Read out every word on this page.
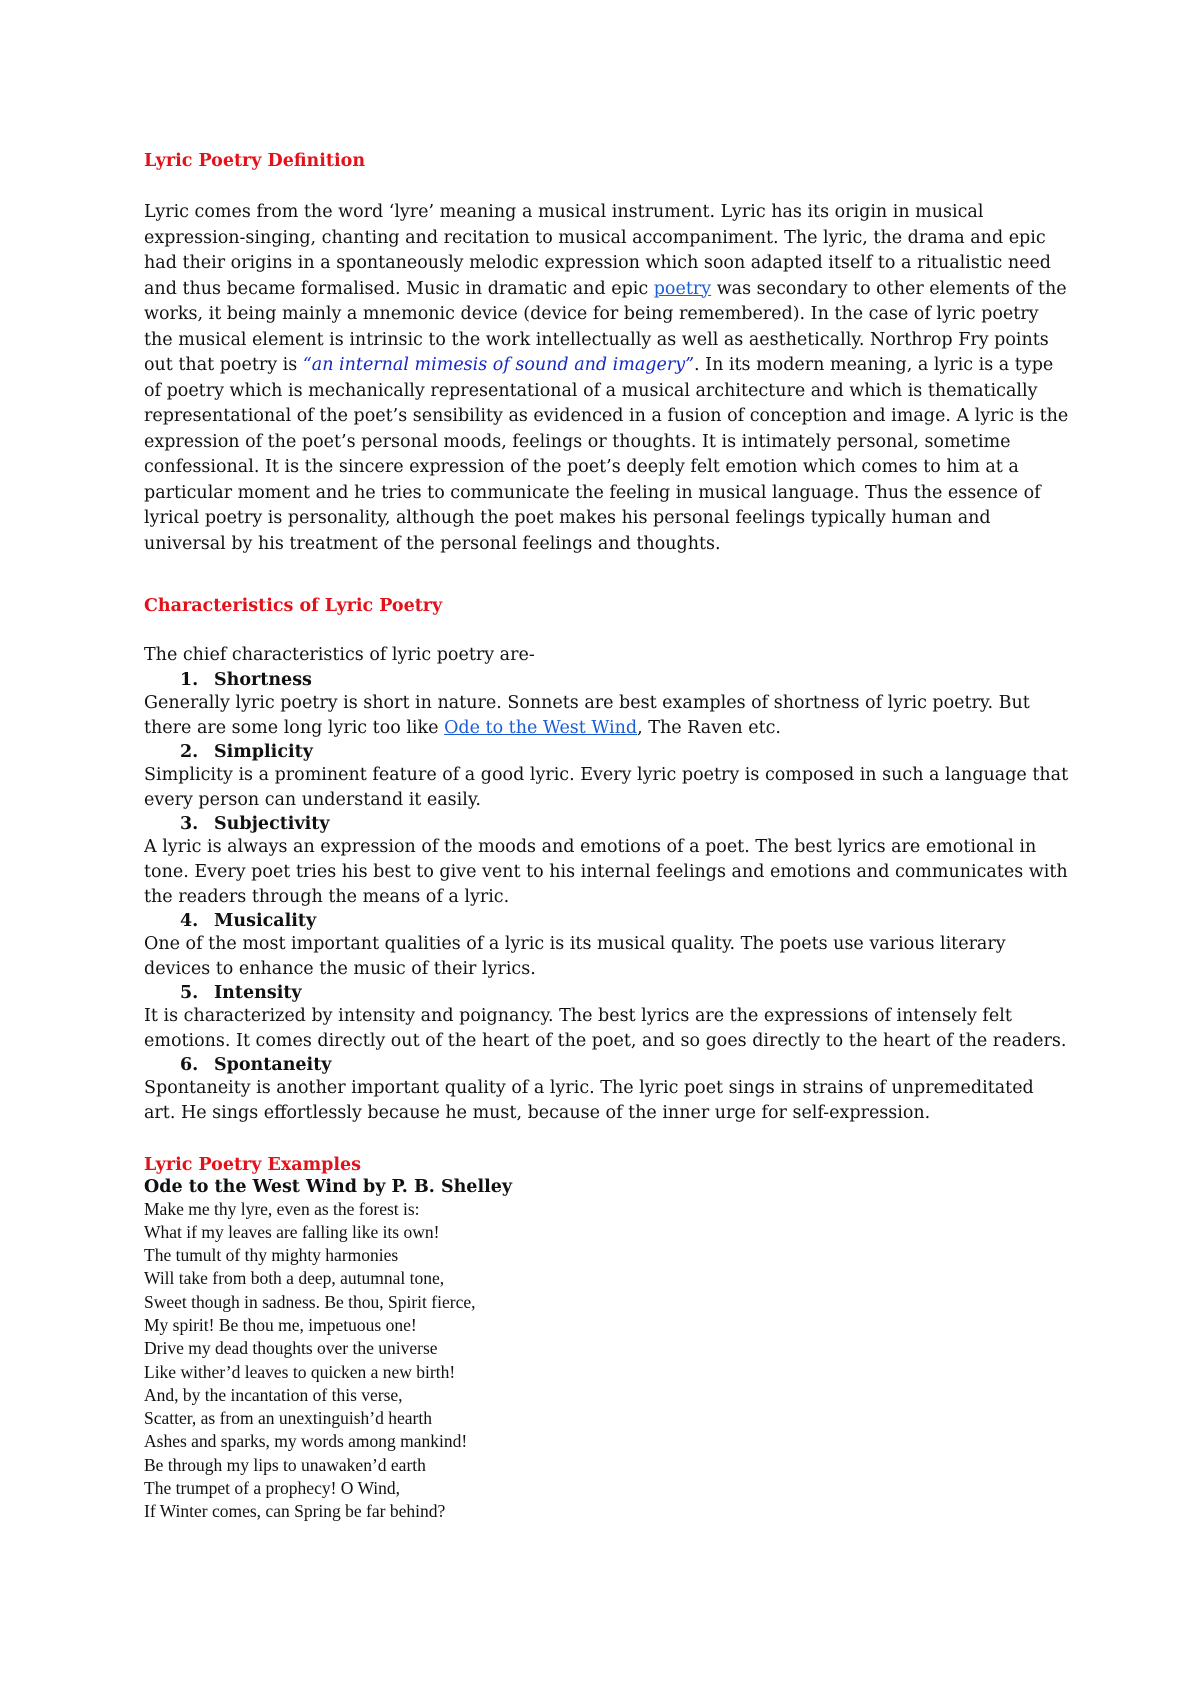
Lyric Poetry Definition

Lyric comes from the word ‘lyre’ meaning a musical instrument. Lyric has its origin in musical expression-singing, chanting and recitation to musical accompaniment. The lyric, the drama and epic had their origins in a spontaneously melodic expression which soon adapted itself to a ritualistic need and thus became formalised. Music in dramatic and epic poetry was secondary to other elements of the works, it being mainly a mnemonic device (device for being remembered). In the case of lyric poetry the musical element is intrinsic to the work intellectually as well as aesthetically. Northrop Fry points out that poetry is “an internal mimesis of sound and imagery”. In its modern meaning, a lyric is a type of poetry which is mechanically representational of a musical architecture and which is thematically representational of the poet’s sensibility as evidenced in a fusion of conception and image. A lyric is the expression of the poet’s personal moods, feelings or thoughts. It is intimately personal, sometime confessional. It is the sincere expression of the poet’s deeply felt emotion which comes to him at a particular moment and he tries to communicate the feeling in musical language. Thus the essence of lyrical poetry is personality, although the poet makes his personal feelings typically human and universal by his treatment of the personal feelings and thoughts.

Characteristics of Lyric Poetry

The chief characteristics of lyric poetry are-

1. Shortness

Generally lyric poetry is short in nature. Sonnets are best examples of shortness of lyric poetry. But there are some long lyric too like Ode to the West Wind, The Raven etc.

2. Simplicity

Simplicity is a prominent feature of a good lyric. Every lyric poetry is composed in such a language that every person can understand it easily.

3. Subjectivity

A lyric is always an expression of the moods and emotions of a poet. The best lyrics are emotional in tone. Every poet tries his best to give vent to his internal feelings and emotions and communicates with the readers through the means of a lyric.

4. Musicality

One of the most important qualities of a lyric is its musical quality. The poets use various literary devices to enhance the music of their lyrics.

5. Intensity

It is characterized by intensity and poignancy. The best lyrics are the expressions of intensely felt emotions. It comes directly out of the heart of the poet, and so goes directly to the heart of the readers.

6. Spontaneity

Spontaneity is another important quality of a lyric. The lyric poet sings in strains of unpremeditated art. He sings effortlessly because he must, because of the inner urge for self-expression.

Lyric Poetry Examples

Ode to the West Wind by P. B. Shelley

Make me thy lyre, even as the forest is:
What if my leaves are falling like its own!
The tumult of thy mighty harmonies
Will take from both a deep, autumnal tone,
Sweet though in sadness. Be thou, Spirit fierce,
My spirit! Be thou me, impetuous one!
Drive my dead thoughts over the universe
Like wither’d leaves to quicken a new birth!
And, by the incantation of this verse,
Scatter, as from an unextinguish’d hearth
Ashes and sparks, my words among mankind!
Be through my lips to unawaken’d earth
The trumpet of a prophecy! O Wind,
If Winter comes, can Spring be far behind?
